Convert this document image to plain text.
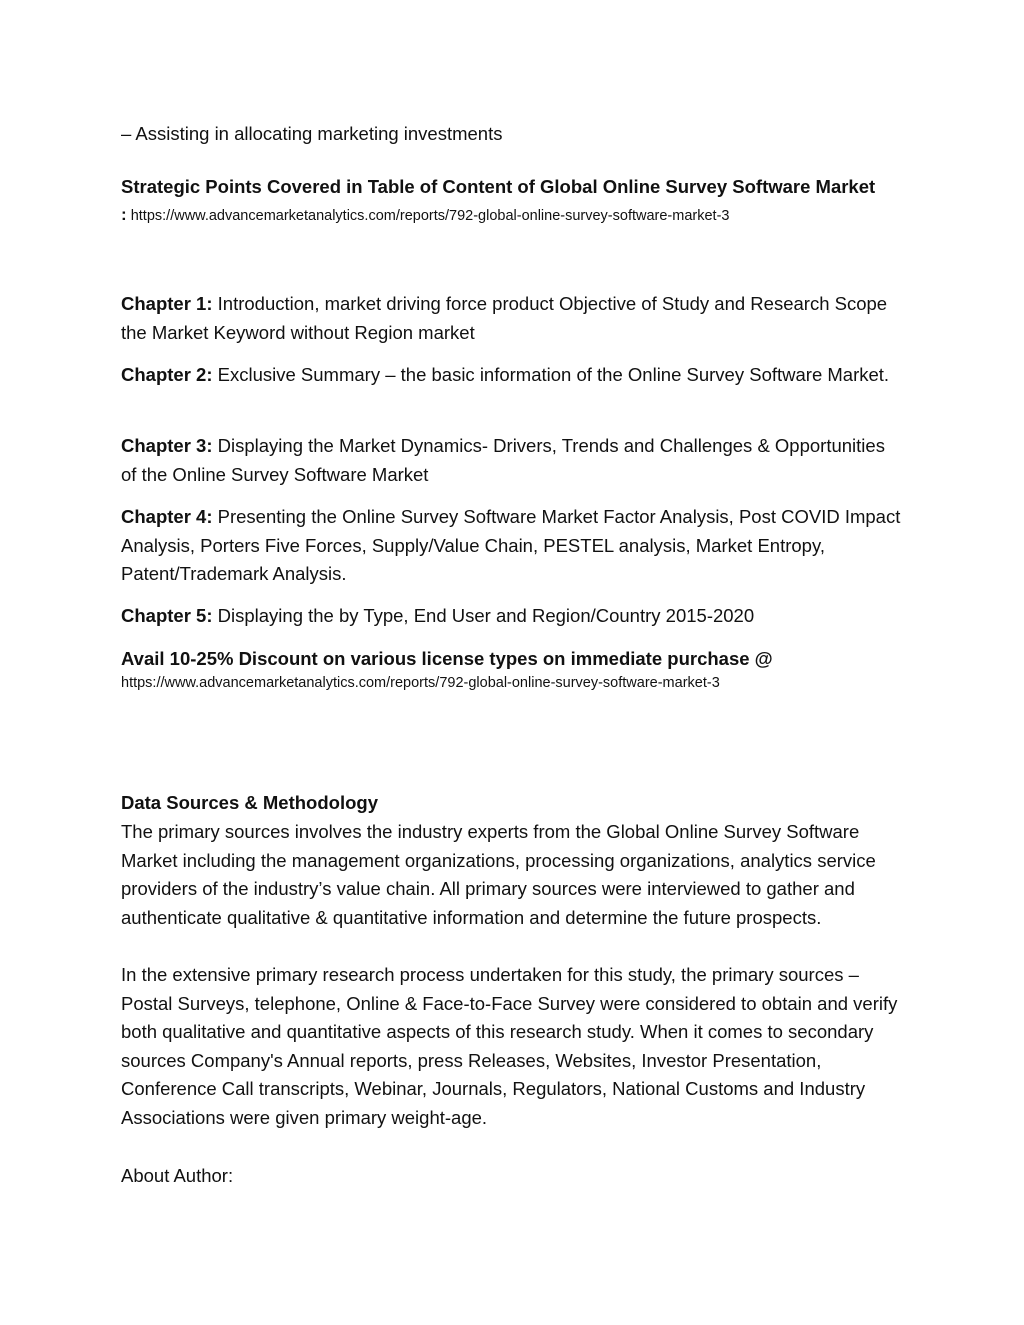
– Assisting in allocating marketing investments
Strategic Points Covered in Table of Content of Global Online Survey Software Market
: https://www.advancemarketanalytics.com/reports/792-global-online-survey-software-market-3
Chapter 1: Introduction, market driving force product Objective of Study and Research Scope the Market Keyword without Region market
Chapter 2: Exclusive Summary – the basic information of the Online Survey Software Market.
Chapter 3: Displaying the Market Dynamics- Drivers, Trends and Challenges & Opportunities of the Online Survey Software Market
Chapter 4: Presenting the Online Survey Software Market Factor Analysis, Post COVID Impact Analysis, Porters Five Forces, Supply/Value Chain, PESTEL analysis, Market Entropy, Patent/Trademark Analysis.
Chapter 5: Displaying the by Type, End User and Region/Country 2015-2020
Avail 10-25% Discount on various license types on immediate purchase @
https://www.advancemarketanalytics.com/reports/792-global-online-survey-software-market-3
Data Sources & Methodology
The primary sources involves the industry experts from the Global Online Survey Software Market including the management organizations, processing organizations, analytics service providers of the industry’s value chain. All primary sources were interviewed to gather and authenticate qualitative & quantitative information and determine the future prospects.
In the extensive primary research process undertaken for this study, the primary sources – Postal Surveys, telephone, Online & Face-to-Face Survey were considered to obtain and verify both qualitative and quantitative aspects of this research study. When it comes to secondary sources Company's Annual reports, press Releases, Websites, Investor Presentation, Conference Call transcripts, Webinar, Journals, Regulators, National Customs and Industry Associations were given primary weight-age.
About Author:
